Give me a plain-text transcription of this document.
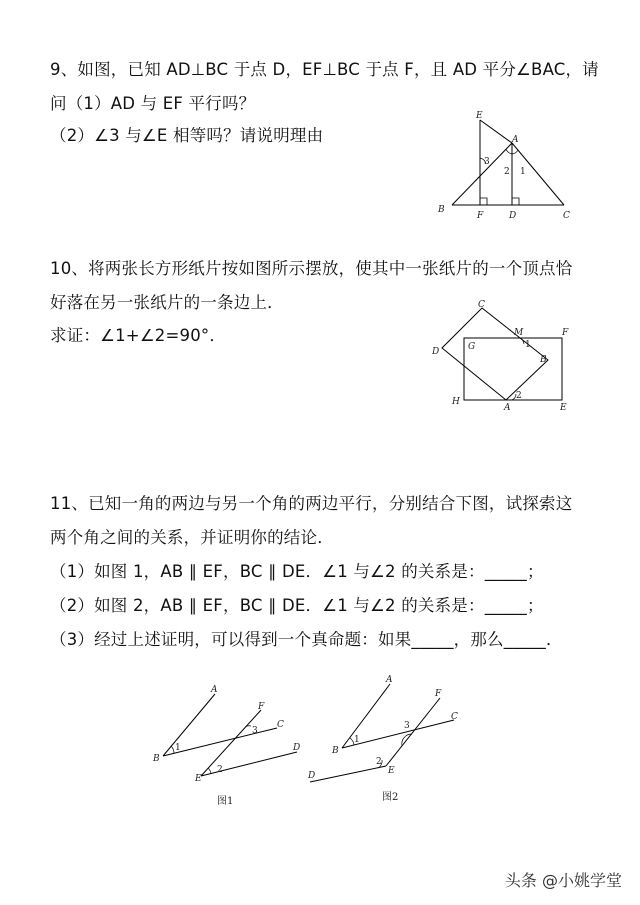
9、如图，已知 AD⊥BC 于点 D，EF⊥BC 于点 F，且 AD 平分∠BAC，请
问（1）AD 与 EF 平行吗？
（2）∠3 与∠E 相等吗？请说明理由
E
A
B
F	D	C
3
2 1
10、将两张长方形纸片按如图所示摆放，使其中一张纸片的一个顶点恰
好落在另一张纸片的一条边上．
求证：∠1+∠2=90°．
C
M	F
D	G
B
H
A	E
1
2
11、已知一角的两边与另一个角的两边平行，分别结合下图，试探索这
两个角之间的关系，并证明你的结论．
（1）如图 1，AB ∥ EF，BC ∥ DE．∠1 与∠2 的关系是：_____；
（2）如图 2，AB ∥ EF，BC ∥ DE．∠1 与∠2 的关系是：_____；
（3）经过上述证明，可以得到一个真命题：如果_____，那么_____．
A
F
C
B
D
E
1
3
2
图1
A
F
C
B
D	E
1
3
2
图2
头条 @小姚学堂
